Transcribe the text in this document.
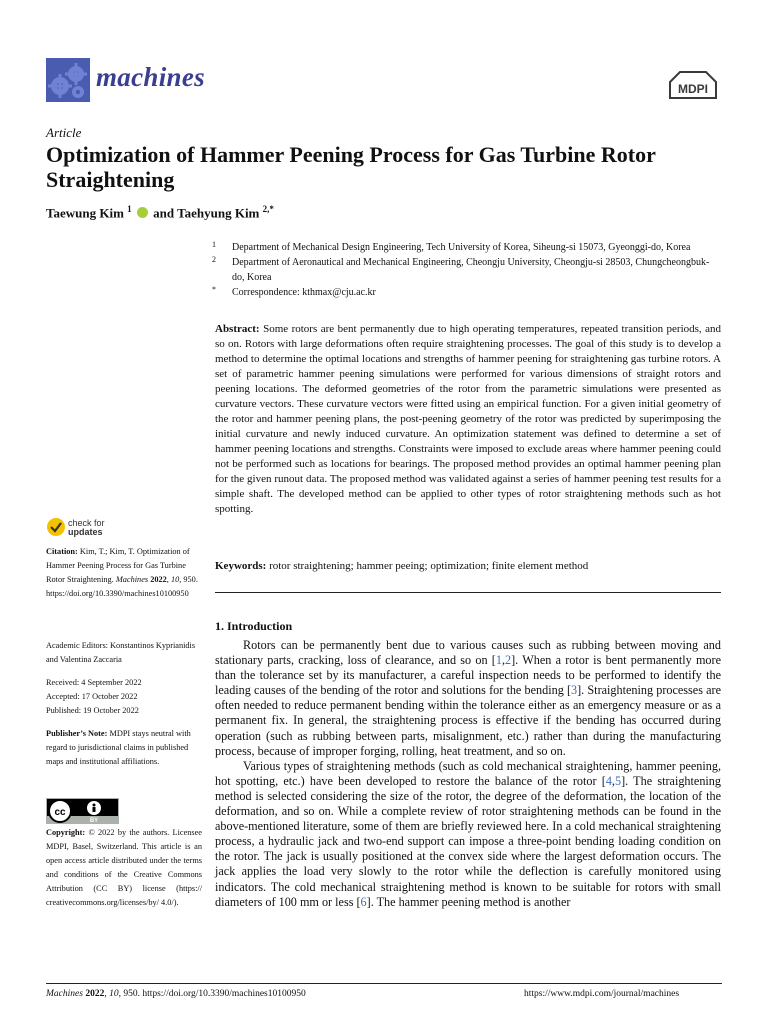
machines	MDPI
Article
Optimization of Hammer Peening Process for Gas Turbine Rotor Straightening
Taewung Kim $^1$  and Taehyung Kim $^{2,*}$
1 Department of Mechanical Design Engineering, Tech University of Korea, Siheung-si 15073, Gyeonggi-do, Korea
2 Department of Aeronautical and Mechanical Engineering, Cheongju University, Cheongju-si 28503, Chungcheongbuk-do, Korea
* Correspondence: kthmax@cju.ac.kr
Abstract: Some rotors are bent permanently due to high operating temperatures, repeated transition periods, and so on. Rotors with large deformations often require straightening processes. The goal of this study is to develop a method to determine the optimal locations and strengths of hammer peening for straightening gas turbine rotors. A set of parametric hammer peening simulations were performed for various dimensions of straight rotors and peening locations. The deformed geometries of the rotor from the parametric simulations were presented as curvature vectors. These curvature vectors were fitted using an empirical function. For a given initial geometry of the rotor and hammer peening plans, the post-peening geometry of the rotor was predicted by superimposing the initial curvature and newly induced curvature. An optimization statement was defined to determine a set of hammer peening locations and strengths. Constraints were imposed to exclude areas where hammer peening could not be performed such as locations for bearings. The proposed method provides an optimal hammer peening plan for the given runout data. The proposed method was validated against a series of hammer peening test results for a simple shaft. The developed method can be applied to other types of rotor straightening methods such as hot spotting.
Keywords: rotor straightening; hammer peeing; optimization; finite element method
1. Introduction

Rotors can be permanently bent due to various causes such as rubbing between moving and stationary parts, cracking, loss of clearance, and so on [1,2]. When a rotor is bent permanently more than the tolerance set by its manufacturer, a careful inspection needs to be performed to identify the leading causes of the bending of the rotor and solutions for the bending [3]. Straightening processes are often needed to reduce permanent bending within the tolerance either as an emergency measure or as a permanent fix. In general, the straightening process is effective if the bending has occurred during operation (such as rubbing between parts, misalignment, etc.) rather than during the manufacturing process, because of improper forging, rolling, heat treatment, and so on.

Various types of straightening methods (such as cold mechanical straightening, hammer peening, hot spotting, etc.) have been developed to restore the balance of the rotor [4,5]. The straightening method is selected considering the size of the rotor, the degree of the deformation, the location of the deformation, and so on. While a complete review of rotor straightening methods can be found in the above-mentioned literature, some of them are briefly reviewed here. In a cold mechanical straightening process, a hydraulic jack and two-end support can impose a three-point bending loading condition on the rotor. The jack is usually positioned at the convex side where the largest deformation occurs. The jack applies the load very slowly to the rotor while the deflection is carefully monitored using indicators. The cold mechanical straightening method is known to be suitable for rotors with small diameters of 100 mm or less [6]. The hammer peening method is another

check for
updates
Citation: Kim, T.; Kim, T. Optimization of Hammer Peening Process for Gas Turbine Rotor Straightening. Machines 2022, 10, 950. https://doi.org/10.3390/machines10100950
Academic Editors: Konstantinos Kyprianidis and Valentina Zaccaria
Received: 4 September 2022
Accepted: 17 October 2022
Published: 19 October 2022
Publisher’s Note: MDPI stays neutral with regard to jurisdictional claims in published maps and institutional affiliations.
cc
BY
Copyright: © 2022 by the authors. Licensee MDPI, Basel, Switzerland. This article is an open access article distributed under the terms and conditions of the Creative Commons Attribution (CC BY) license (https:// creativecommons.org/licenses/by/ 4.0/).
Machines 2022, 10, 950. https://doi.org/10.3390/machines10100950	https://www.mdpi.com/journal/machines
